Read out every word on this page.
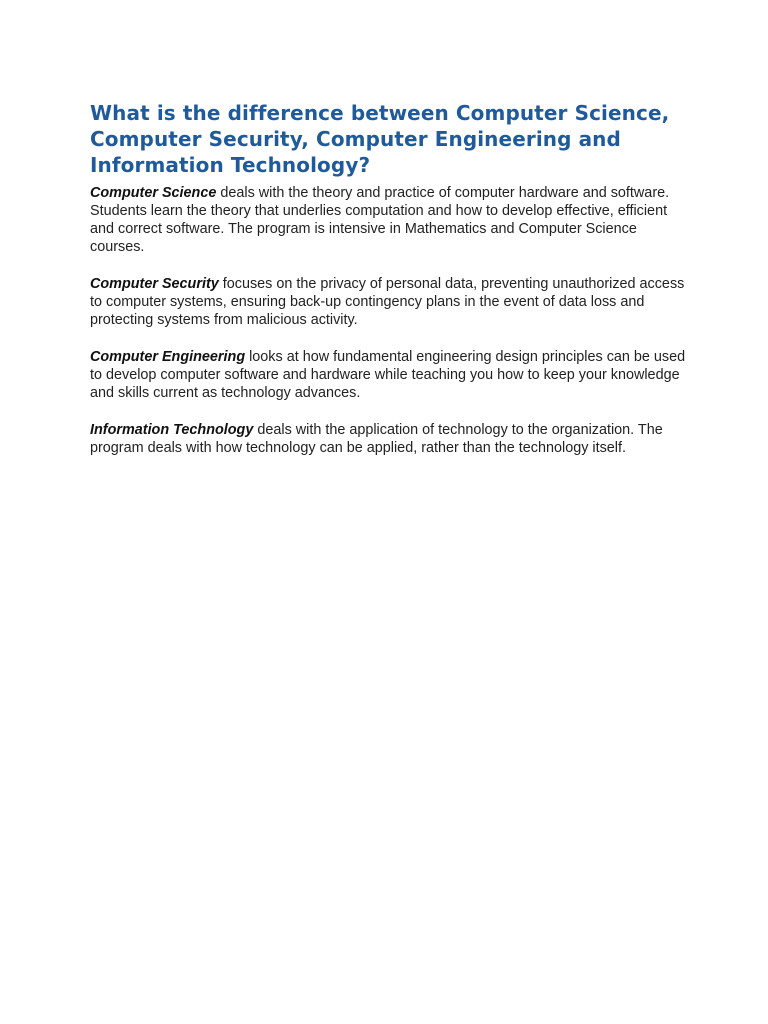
What is the difference between Computer Science, Computer Security, Computer Engineering and Information Technology?

Computer Science deals with the theory and practice of computer hardware and software. Students learn the theory that underlies computation and how to develop effective, efficient and correct software. The program is intensive in Mathematics and Computer Science courses.

Computer Security focuses on the privacy of personal data, preventing unauthorized access to computer systems, ensuring back-up contingency plans in the event of data loss and protecting systems from malicious activity.

Computer Engineering looks at how fundamental engineering design principles can be used to develop computer software and hardware while teaching you how to keep your knowledge and skills current as technology advances.

Information Technology deals with the application of technology to the organization. The program deals with how technology can be applied, rather than the technology itself.
